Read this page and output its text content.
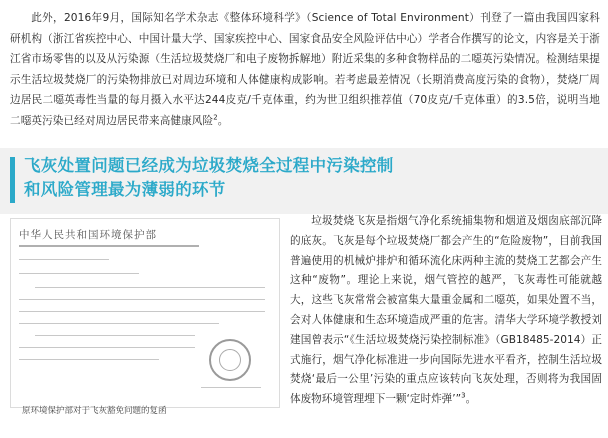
此外，2016年9月，国际知名学术杂志《整体环境科学》（Science of Total Environment）刊登了一篇由我国四家科研机构（浙江省疾控中心、中国计量大学、国家疾控中心、国家食品安全风险评估中心）学者合作撰写的论文，内容是关于浙江省市场零售的以及从污染源（生活垃圾焚烧厂和电子废物拆解地）附近采集的多种食物样品的二噁英污染情况。检测结果提示生活垃圾焚烧厂的污染物排放已对周边环境和人体健康构成影响。若考虑最差情况（长期消费高度污染的食物），焚烧厂周边居民二噁英毒性当量的每月摄入水平达244皮克/千克体重，约为世卫组织推荐值（70皮克/千克体重）的3.5倍，说明当地二噁英污染已经对周边居民带来高健康风险$^2$。

飞灰处置问题已经成为垃圾焚烧全过程中污染控制
和风险管理最为薄弱的环节
中华人民共和国环境保护部
原环境保护部对于飞灰豁免问题的复函

垃圾焚烧飞灰是指烟气净化系统捕集物和烟道及烟囱底部沉降的底灰。飞灰是每个垃圾焚烧厂都会产生的“危险废物”，目前我国普遍使用的机械炉排炉和循环流化床两种主流的焚烧工艺都会产生这种“废物”。理论上来说，烟气管控的越严，飞灰毒性可能就越大，这些飞灰常常会被富集大量重金属和二噁英，如果处置不当，会对人体健康和生态环境造成严重的危害。清华大学环境学教授刘建国曾表示“《生活垃圾焚烧污染控制标准》（GB18485-2014）正式施行，烟气净化标准进一步向国际先进水平看齐，控制生活垃圾焚烧‘最后一公里’污染的重点应该转向飞灰处理，否则将为我国固体废物环境管理埋下一颗‘定时炸弹’”$^3$。
